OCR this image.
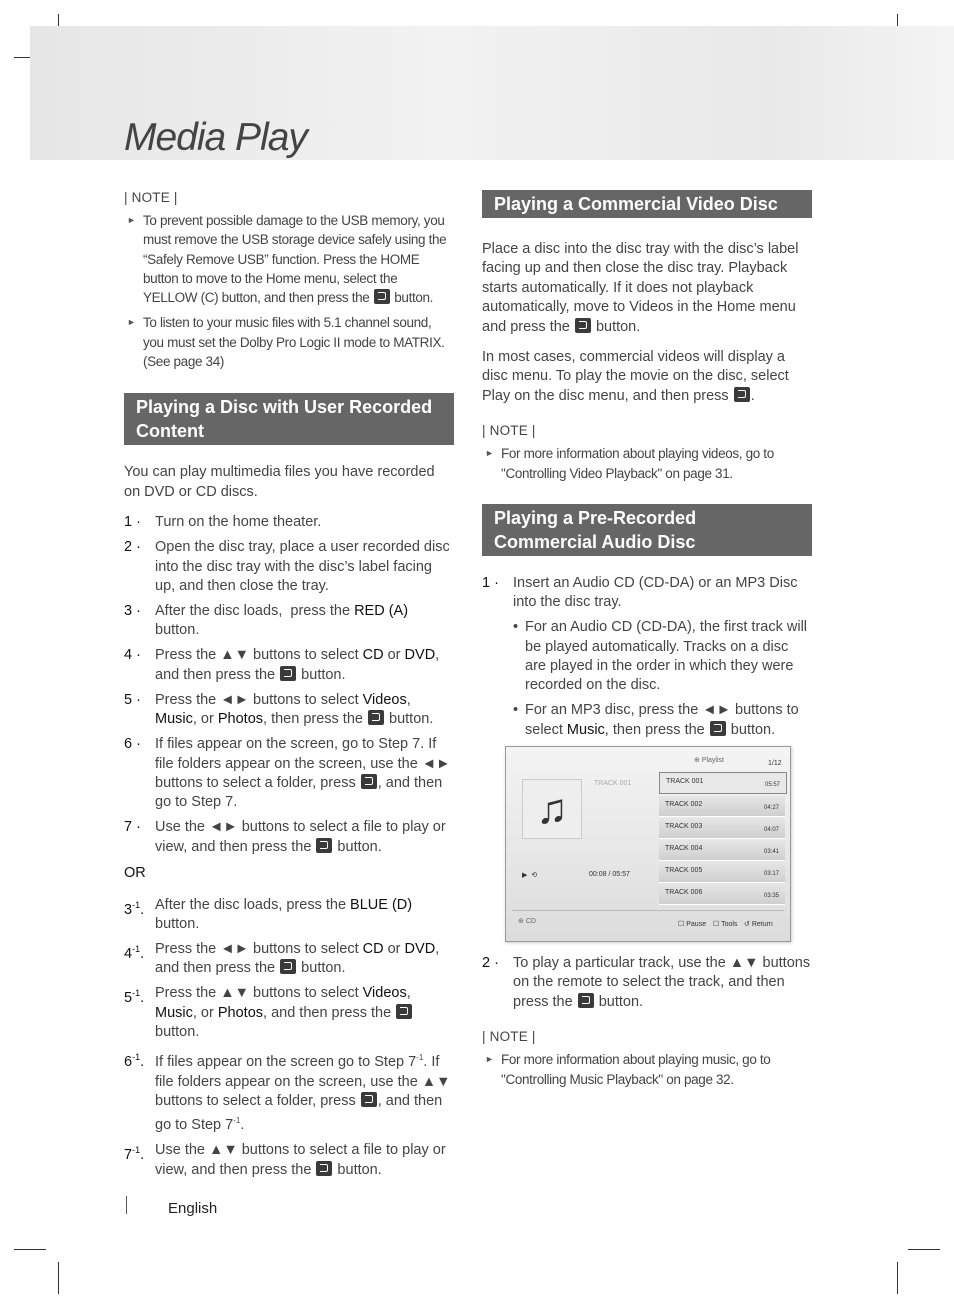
Media Play
| NOTE |
► To prevent possible damage to the USB memory, you must remove the USB storage device safely using the “Safely Remove USB” function. Press the HOME button to move to the Home menu, select the YELLOW (C) button, and then press the button.
► To listen to your music files with 5.1 channel sound, you must set the Dolby Pro Logic II mode to MATRIX. (See page 34)
Playing a Disc with User Recorded Content

You can play multimedia files you have recorded on DVD or CD discs.

1 · Turn on the home theater.
2 · Open the disc tray, place a user recorded disc into the disc tray with the disc’s label facing up, and then close the tray.
3 · After the disc loads,  press the RED (A) button.
4 · Press the ▲▼ buttons to select CD or DVD, and then press the  button.
5 · Press the ◄► buttons to select Videos, Music, or Photos, then press the  button.
6 · If files appear on the screen, go to Step 7. If file folders appear on the screen, use the ◄► buttons to select a folder, press , and then go to Step 7.
7 · Use the ◄► buttons to select a file to play or view, and then press the  button.
OR
$3^{-1}$. After the disc loads, press the BLUE (D) button.
$4^{-1}$. Press the ◄► buttons to select CD or DVD, and then press the  button.
$5^{-1}$. Press the ▲▼ buttons to select Videos, Music, or Photos, and then press the  button.
$6^{-1}$. If files appear on the screen go to Step $7^{-1}$. If file folders appear on the screen, use the ▲▼ buttons to select a folder, press , and then go to Step $7^{-1}$.
$7^{-1}$. Use the ▲▼ buttons to select a file to play or view, and then press the  button.
Playing a Commercial Video Disc

Place a disc into the disc tray with the disc’s label facing up and then close the disc tray. Playback starts automatically. If it does not playback automatically, move to Videos in the Home menu and press the button.

In most cases, commercial videos will display a disc menu. To play the movie on the disc, select Play on the disc menu, and then press .

| NOTE |
► For more information about playing videos, go to "Controlling Video Playback" on page 31.
Playing a Pre-Recorded Commercial Audio Disc
1 · Insert an Audio CD (CD-DA) or an MP3 Disc into the disc tray.
• For an Audio CD (CD-DA), the first track will be played automatically. Tracks on a disc are played in the order in which they were recorded on the disc.
• For an MP3 disc, press the ◄► buttons to select Music, then press the  button.
⊕ Playlist	1/12
TRACK 001
♫
▶  ⟲	00:08 / 05:57
TRACK 001	05:57
TRACK 002	04:27
TRACK 003	04:07
TRACK 004	03:41
TRACK 005	03:17
TRACK 006	03:35
⊕ CD	☐ Pause ☐ Tools ↺ Return
2 · To play a particular track, use the ▲▼ buttons on the remote to select the track, and then press the  button.
| NOTE |
► For more information about playing music, go to "Controlling Music Playback" on page 32.
English
